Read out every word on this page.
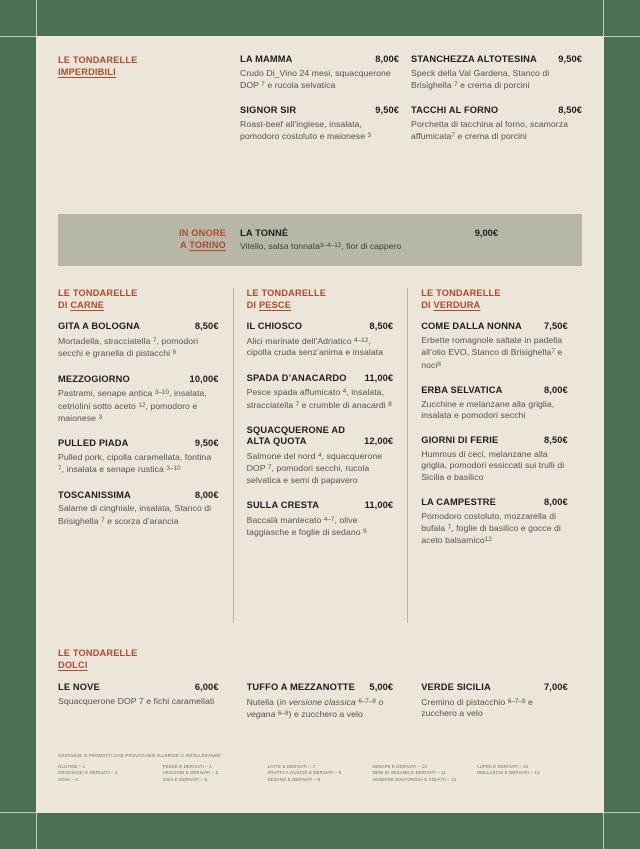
LE TONDARELLE
IMPERDIBILI
LA MAMMA	8,00€
Crudo Di_Vino 24 mesi, squacquerone DOP $^7$ e rucola selvatica
SIGNOR SIR	9,50€
Roast-beef all’inglese, insalata, pomodoro costoluto e maionese $^3$
STANCHEZZA ALTOTESINA	9,50€
Speck della Val Gardena, Stanco di Brisighella $^7$ e crema di porcini
TACCHI AL FORNO	8,50€
Porchetta di tacchina al forno, scamorza affumicata$^7$ e crema di porcini
IN ONORE
A TORINO
LA TONNÈ	9,00€
Vitello, salsa tonnata$^{3-4-12}$, fior di cappero
LE TONDARELLE
DI CARNE
GITA A BOLOGNA	8,50€
Mortadella, stracciatella $^7$, pomodori secchi e granella di pistacchi $^8$
MEZZOGIORNO	10,00€
Pastrami, senape antica $^{3-10}$, insalata, cetriolini sotto aceto $^{12}$, pomodoro e maionese $^3$
PULLED PIADA	9,50€
Pulled pork, cipolla caramellata, fontina $^7$, insalata e senape rustica $^{3-10}$
TOSCANISSIMA	8,00€
Salame di cinghiale, insalata, Stanco di Brisighella $^7$ e scorza d’arancia
LE TONDARELLE
DI PESCE
IL CHIOSCO	8,50€
Alici marinate dell'Adriatico $^{4-12}$, cipolla cruda senz’anima e insalata
SPADA D’ANACARDO	11,00€
Pesce spada affumicato $^4$, insalata, stracciatella $^7$ e crumble di anacardi $^8$
SQUACQUERONE AD ALTA QUOTA	12,00€
Salmone del nord $^4$, squacquerone DOP $^7$, pomodori secchi, rucola selvatica e semi di papavero
SULLA CRESTA	11,00€
Baccalà mantecato $^{4-7}$, olive taggiasche e foglie di sedano $^9$
LE TONDARELLE
DI VERDURA
COME DALLA NONNA	7,50€
Erbette romagnole saltate in padella all’olio EVO, Stanco di Brisighella$^7$ e noci$^8$
ERBA SELVATICA	8,00€
Zucchine e melanzane alla griglia, insalata e pomodori secchi
GIORNI DI FERIE	8,50€
Hummus di ceci, melanzane alla griglia, pomodori essiccati sui trulli di Sicilia e basilico
LA CAMPESTRE	8,00€
Pomodoro costoluto, mozzarella di bufala $^7$, foglie di basilico e gocce di aceto balsamico$^{12}$
LE TONDARELLE
DOLCI
LE NOVE	6,00€
Squacquerone DOP 7 e fichi caramellati
TUFFO A MEZZANOTTE	5,00€
Nutella (in versione classica $^{6-7-8}$ o vegana $^{6-8}$) e zucchero a velo
VERDE SICILIA	7,00€
Cremino di pistacchio $^{6-7-8}$ e zucchero a velo
SOSTANZE O PRODOTTI CHE PROVOCANO ALLERGIE O INTOLLERANZE:
GLUTINE – 1
CROSTACEI E DERIVATI – 2
UOVA – 3
PESCE E DERIVATI – 4
ARACHIDI E DERIVATI – 5
SOIA E DERIVATI – 6
LATTE E DERIVATI – 7
FRUTTA A GUSCIO E DERIVATI – 8
SEDANO E DERIVATI – 9
SENAPE E DERIVATI – 10
SEMI DI SESAMO E DERIVATI – 11
ANIDRIDE SOLFOROSA E SOLFITI – 12
LUPINI E DERIVATI – 13
MOLLUSCHI E DERIVATI – 14
